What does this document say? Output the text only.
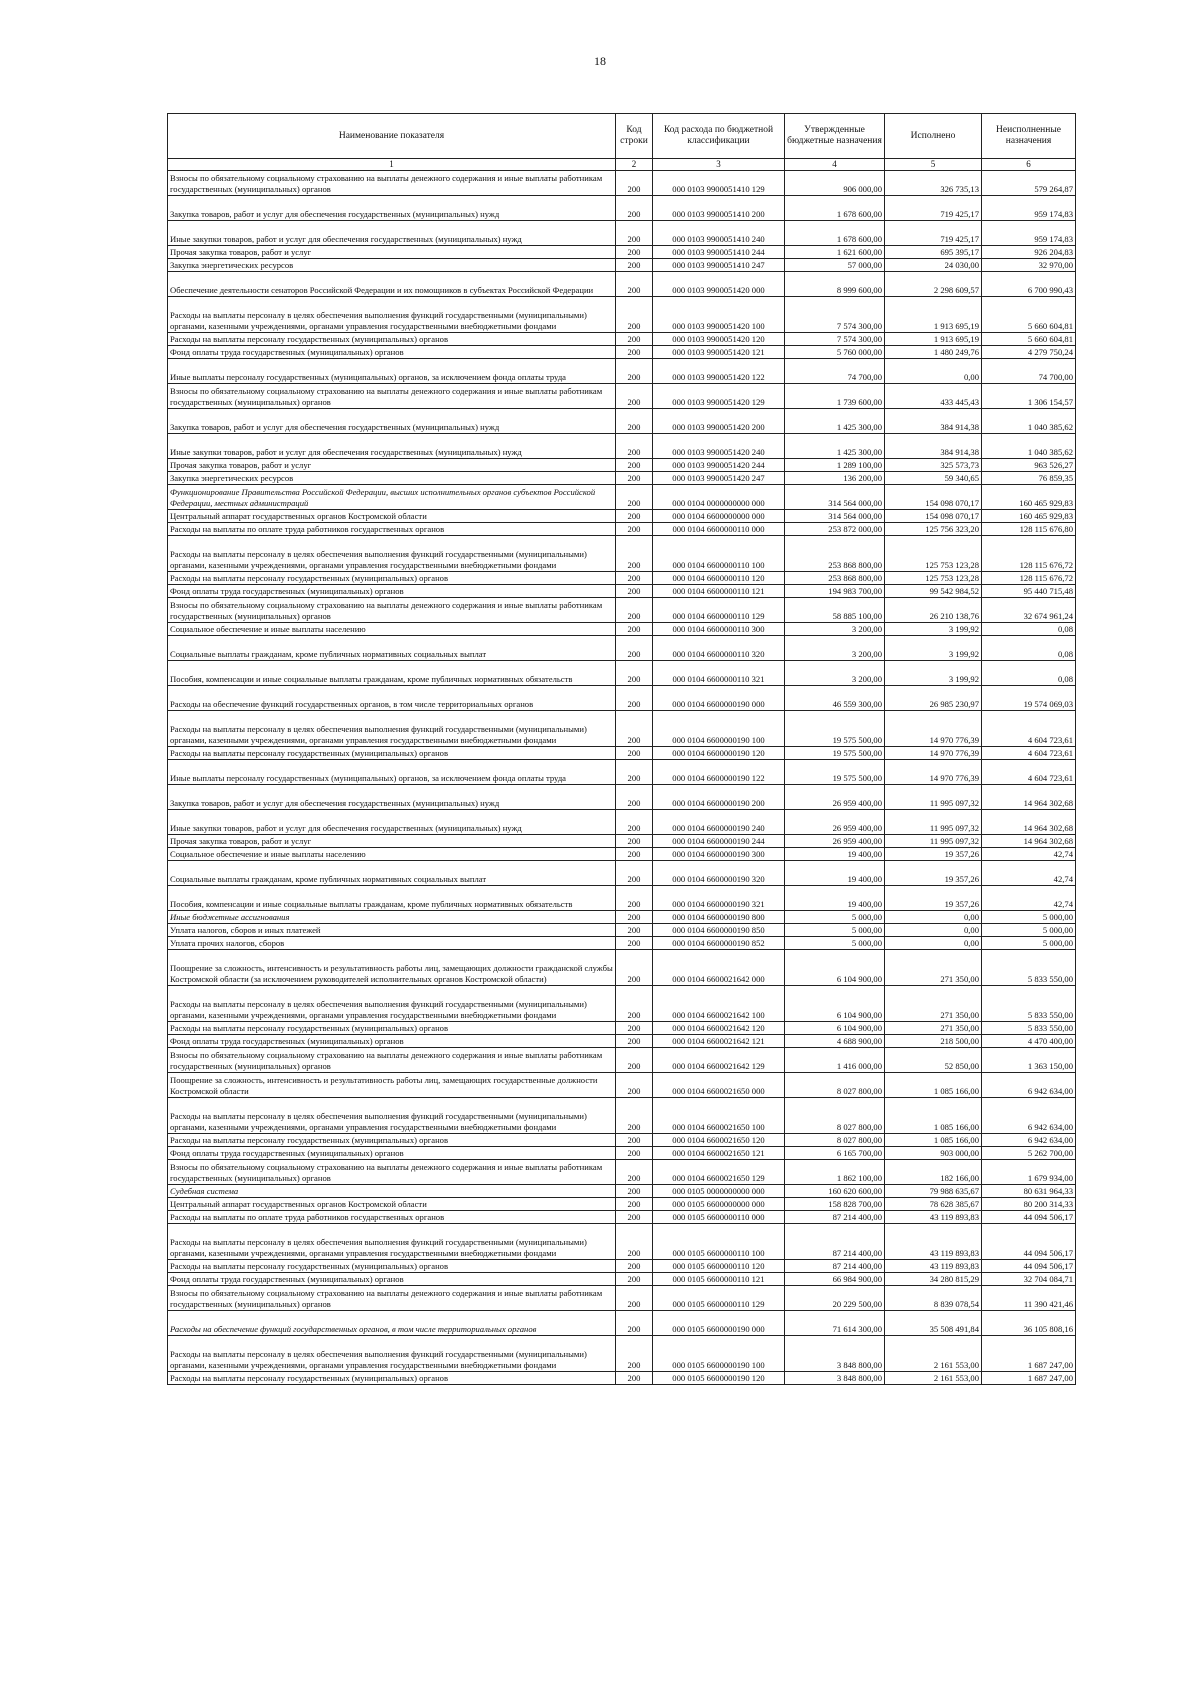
18
Наименование показателя	Код строки	Код расхода по бюджетной классификации	Утвержденные бюджетные назначения	Исполнено	Неисполненные назначения
1	2	3	4	5	6
Взносы по обязательному социальному страхованию на выплаты денежного содержания и иные выплаты работникам государственных (муниципальных) органов	200	000 0103 9900051410 129	906 000,00	326 735,13	579 264,87
Закупка товаров, работ и услуг для обеспечения государственных (муниципальных) нужд	200	000 0103 9900051410 200	1 678 600,00	719 425,17	959 174,83
Иные закупки товаров, работ и услуг для обеспечения государственных (муниципальных) нужд	200	000 0103 9900051410 240	1 678 600,00	719 425,17	959 174,83
Прочая закупка товаров, работ и услуг	200	000 0103 9900051410 244	1 621 600,00	695 395,17	926 204,83
Закупка энергетических ресурсов	200	000 0103 9900051410 247	57 000,00	24 030,00	32 970,00
Обеспечение деятельности сенаторов Российской Федерации и их помощников в субъектах Российской Федерации	200	000 0103 9900051420 000	8 999 600,00	2 298 609,57	6 700 990,43
Расходы на выплаты персоналу в целях обеспечения выполнения функций государственными (муниципальными) органами, казенными учреждениями, органами управления государственными внебюджетными фондами	200	000 0103 9900051420 100	7 574 300,00	1 913 695,19	5 660 604,81
Расходы на выплаты персоналу государственных (муниципальных) органов	200	000 0103 9900051420 120	7 574 300,00	1 913 695,19	5 660 604,81
Фонд оплаты труда государственных (муниципальных) органов	200	000 0103 9900051420 121	5 760 000,00	1 480 249,76	4 279 750,24
Иные выплаты персоналу государственных (муниципальных) органов, за исключением фонда оплаты труда	200	000 0103 9900051420 122	74 700,00	0,00	74 700,00
Взносы по обязательному социальному страхованию на выплаты денежного содержания и иные выплаты работникам государственных (муниципальных) органов	200	000 0103 9900051420 129	1 739 600,00	433 445,43	1 306 154,57
Закупка товаров, работ и услуг для обеспечения государственных (муниципальных) нужд	200	000 0103 9900051420 200	1 425 300,00	384 914,38	1 040 385,62
Иные закупки товаров, работ и услуг для обеспечения государственных (муниципальных) нужд	200	000 0103 9900051420 240	1 425 300,00	384 914,38	1 040 385,62
Прочая закупка товаров, работ и услуг	200	000 0103 9900051420 244	1 289 100,00	325 573,73	963 526,27
Закупка энергетических ресурсов	200	000 0103 9900051420 247	136 200,00	59 340,65	76 859,35
Функционирование Правительства Российской Федерации, высших исполнительных органов субъектов Российской Федерации, местных администраций	200	000 0104 0000000000 000	314 564 000,00	154 098 070,17	160 465 929,83
Центральный аппарат государственных органов Костромской области	200	000 0104 6600000000 000	314 564 000,00	154 098 070,17	160 465 929,83
Расходы на выплаты по оплате труда работников государственных органов	200	000 0104 6600000110 000	253 872 000,00	125 756 323,20	128 115 676,80
Расходы на выплаты персоналу в целях обеспечения выполнения функций государственными (муниципальными) органами, казенными учреждениями, органами управления государственными внебюджетными фондами	200	000 0104 6600000110 100	253 868 800,00	125 753 123,28	128 115 676,72
Расходы на выплаты персоналу государственных (муниципальных) органов	200	000 0104 6600000110 120	253 868 800,00	125 753 123,28	128 115 676,72
Фонд оплаты труда государственных (муниципальных) органов	200	000 0104 6600000110 121	194 983 700,00	99 542 984,52	95 440 715,48
Взносы по обязательному социальному страхованию на выплаты денежного содержания и иные выплаты работникам государственных (муниципальных) органов	200	000 0104 6600000110 129	58 885 100,00	26 210 138,76	32 674 961,24
Социальное обеспечение и иные выплаты населению	200	000 0104 6600000110 300	3 200,00	3 199,92	0,08
Социальные выплаты гражданам, кроме публичных нормативных социальных выплат	200	000 0104 6600000110 320	3 200,00	3 199,92	0,08
Пособия, компенсации и иные социальные выплаты гражданам, кроме публичных нормативных обязательств	200	000 0104 6600000110 321	3 200,00	3 199,92	0,08
Расходы на обеспечение функций государственных органов, в том числе территориальных органов	200	000 0104 6600000190 000	46 559 300,00	26 985 230,97	19 574 069,03
Расходы на выплаты персоналу в целях обеспечения выполнения функций государственными (муниципальными) органами, казенными учреждениями, органами управления государственными внебюджетными фондами	200	000 0104 6600000190 100	19 575 500,00	14 970 776,39	4 604 723,61
Расходы на выплаты персоналу государственных (муниципальных) органов	200	000 0104 6600000190 120	19 575 500,00	14 970 776,39	4 604 723,61
Иные выплаты персоналу государственных (муниципальных) органов, за исключением фонда оплаты труда	200	000 0104 6600000190 122	19 575 500,00	14 970 776,39	4 604 723,61
Закупка товаров, работ и услуг для обеспечения государственных (муниципальных) нужд	200	000 0104 6600000190 200	26 959 400,00	11 995 097,32	14 964 302,68
Иные закупки товаров, работ и услуг для обеспечения государственных (муниципальных) нужд	200	000 0104 6600000190 240	26 959 400,00	11 995 097,32	14 964 302,68
Прочая закупка товаров, работ и услуг	200	000 0104 6600000190 244	26 959 400,00	11 995 097,32	14 964 302,68
Социальное обеспечение и иные выплаты населению	200	000 0104 6600000190 300	19 400,00	19 357,26	42,74
Социальные выплаты гражданам, кроме публичных нормативных социальных выплат	200	000 0104 6600000190 320	19 400,00	19 357,26	42,74
Пособия, компенсации и иные социальные выплаты гражданам, кроме публичных нормативных обязательств	200	000 0104 6600000190 321	19 400,00	19 357,26	42,74
Иные бюджетные ассигнования	200	000 0104 6600000190 800	5 000,00	0,00	5 000,00
Уплата налогов, сборов и иных платежей	200	000 0104 6600000190 850	5 000,00	0,00	5 000,00
Уплата прочих налогов, сборов	200	000 0104 6600000190 852	5 000,00	0,00	5 000,00
Поощрение за сложность, интенсивность и результативность работы лиц, замещающих должности гражданской службы Костромской области (за исключением руководителей исполнительных органов Костромской области)	200	000 0104 6600021642 000	6 104 900,00	271 350,00	5 833 550,00
Расходы на выплаты персоналу в целях обеспечения выполнения функций государственными (муниципальными) органами, казенными учреждениями, органами управления государственными внебюджетными фондами	200	000 0104 6600021642 100	6 104 900,00	271 350,00	5 833 550,00
Расходы на выплаты персоналу государственных (муниципальных) органов	200	000 0104 6600021642 120	6 104 900,00	271 350,00	5 833 550,00
Фонд оплаты труда государственных (муниципальных) органов	200	000 0104 6600021642 121	4 688 900,00	218 500,00	4 470 400,00
Взносы по обязательному социальному страхованию на выплаты денежного содержания и иные выплаты работникам государственных (муниципальных) органов	200	000 0104 6600021642 129	1 416 000,00	52 850,00	1 363 150,00
Поощрение за сложность, интенсивность и результативность работы лиц, замещающих государственные должности Костромской области	200	000 0104 6600021650 000	8 027 800,00	1 085 166,00	6 942 634,00
Расходы на выплаты персоналу в целях обеспечения выполнения функций государственными (муниципальными) органами, казенными учреждениями, органами управления государственными внебюджетными фондами	200	000 0104 6600021650 100	8 027 800,00	1 085 166,00	6 942 634,00
Расходы на выплаты персоналу государственных (муниципальных) органов	200	000 0104 6600021650 120	8 027 800,00	1 085 166,00	6 942 634,00
Фонд оплаты труда государственных (муниципальных) органов	200	000 0104 6600021650 121	6 165 700,00	903 000,00	5 262 700,00
Взносы по обязательному социальному страхованию на выплаты денежного содержания и иные выплаты работникам государственных (муниципальных) органов	200	000 0104 6600021650 129	1 862 100,00	182 166,00	1 679 934,00
Судебная система	200	000 0105 0000000000 000	160 620 600,00	79 988 635,67	80 631 964,33
Центральный аппарат государственных органов Костромской области	200	000 0105 6600000000 000	158 828 700,00	78 628 385,67	80 200 314,33
Расходы на выплаты по оплате труда работников государственных органов	200	000 0105 6600000110 000	87 214 400,00	43 119 893,83	44 094 506,17
Расходы на выплаты персоналу в целях обеспечения выполнения функций государственными (муниципальными) органами, казенными учреждениями, органами управления государственными внебюджетными фондами	200	000 0105 6600000110 100	87 214 400,00	43 119 893,83	44 094 506,17
Расходы на выплаты персоналу государственных (муниципальных) органов	200	000 0105 6600000110 120	87 214 400,00	43 119 893,83	44 094 506,17
Фонд оплаты труда государственных (муниципальных) органов	200	000 0105 6600000110 121	66 984 900,00	34 280 815,29	32 704 084,71
Взносы по обязательному социальному страхованию на выплаты денежного содержания и иные выплаты работникам государственных (муниципальных) органов	200	000 0105 6600000110 129	20 229 500,00	8 839 078,54	11 390 421,46
Расходы на обеспечение функций государственных органов, в том числе территориальных органов	200	000 0105 6600000190 000	71 614 300,00	35 508 491,84	36 105 808,16
Расходы на выплаты персоналу в целях обеспечения выполнения функций государственными (муниципальными) органами, казенными учреждениями, органами управления государственными внебюджетными фондами	200	000 0105 6600000190 100	3 848 800,00	2 161 553,00	1 687 247,00
Расходы на выплаты персоналу государственных (муниципальных) органов	200	000 0105 6600000190 120	3 848 800,00	2 161 553,00	1 687 247,00
